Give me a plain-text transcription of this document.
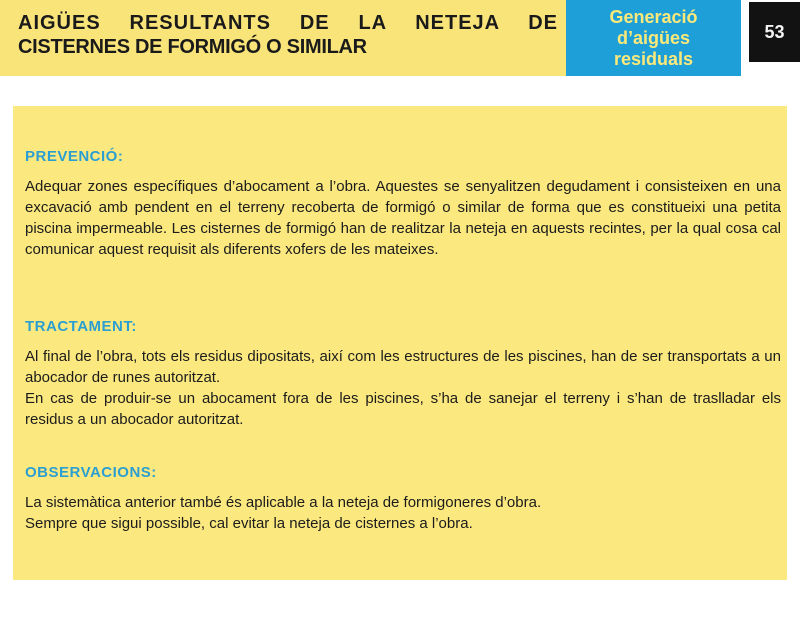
AIGÜES RESULTANTS DE LA NETEJA DE
CISTERNES DE FORMIGÓ O SIMILAR
Generació
d’aigües
residuals
53
PREVENCIÓ:

Adequar zones específiques d’abocament a l’obra. Aquestes se senyalitzen degudament i consisteixen en una excavació amb pendent en el terreny recoberta de formigó o similar de forma que es constitueixi una petita piscina impermeable. Les cisternes de formigó han de realitzar la neteja en aquests recintes, per la qual cosa cal comunicar aquest requisit als diferents xofers de les mateixes.

TRACTAMENT:

Al final de l’obra, tots els residus dipositats, així com les estructures de les piscines, han de ser transportats a un abocador de runes autoritzat.

En cas de produir-se un abocament fora de les piscines, s’ha de sanejar el terreny i s’han de traslladar els residus a un abocador autoritzat.

OBSERVACIONS:

La sistemàtica anterior també és aplicable a la neteja de formigoneres d’obra.

Sempre que sigui possible, cal evitar la neteja de cisternes a l’obra.
